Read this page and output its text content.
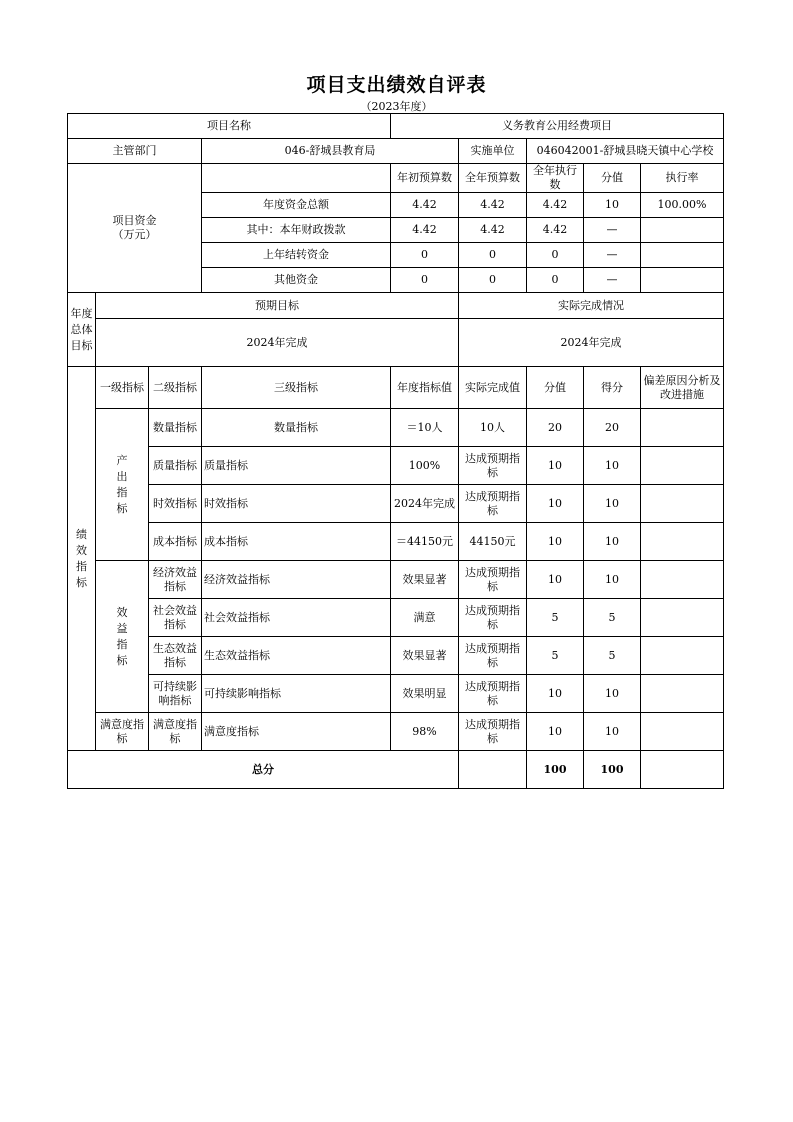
项目支出绩效自评表
（2023年度）
项目名称				义务教育公用经费项目					
主管部门			046-舒城县教育局		实施单位	046042001-舒城县晓天镇中心学校			
项目资金
（万元）				年初预算数	全年预算数	全年执行数	分值	执行率	
			年度资金总额	4.42	4.42	4.42	10	100.00%	
			其中：本年财政拨款	4.42	4.42	4.42	—		
			上年结转资金	0	0	0	—		
			其他资金	0	0	0	—		
年度
总体
目标	预期目标				实际完成情况				
	2024年完成				2024年完成				
绩
效
指
标	一级指标	二级指标	三级指标	年度指标值	实际完成值	分值	得分	偏差原因分析及改进措施	
	产
出
指
标	数量指标	数量指标	＝10人	10人	20	20		
		质量指标	质量指标	100%	达成预期指标	10	10		
		时效指标	时效指标	2024年完成	达成预期指标	10	10		
		成本指标	成本指标	＝44150元	44150元	10	10		
	效
益
指
标	经济效益指标	经济效益指标	效果显著	达成预期指标	10	10		
		社会效益指标	社会效益指标	满意	达成预期指标	5	5		
		生态效益指标	生态效益指标	效果显著	达成预期指标	5	5		
		可持续影响指标	可持续影响指标	效果明显	达成预期指标	10	10		
	满意度指标	满意度指标	满意度指标	98%	达成预期指标	10	10		
总分						100	100		
